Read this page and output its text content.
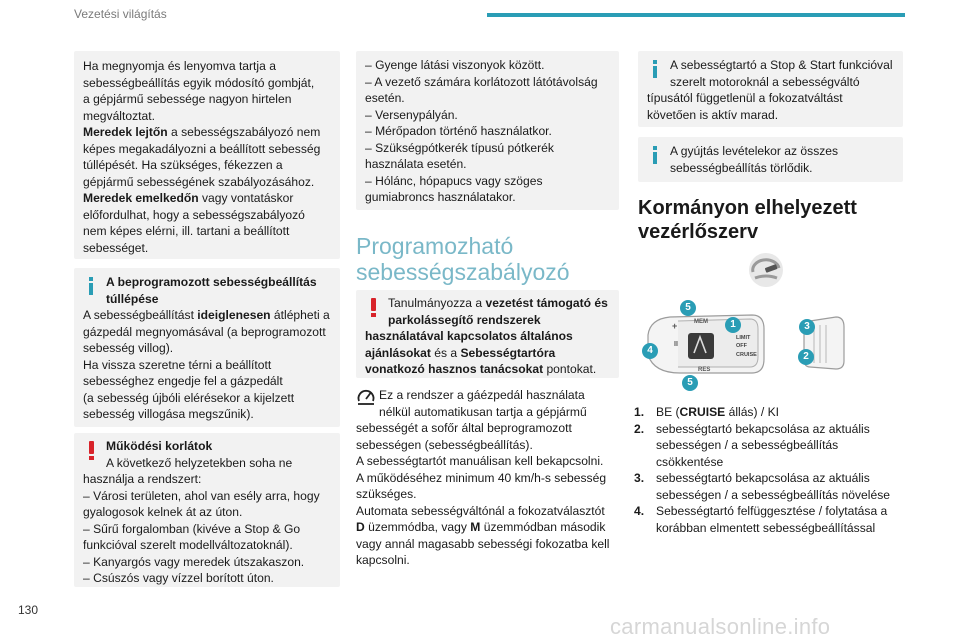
Vezetési világítás

Ha megnyomja és lenyomva tartja a

sebességbeállítás egyik módosító gombját,

a gépjármű sebessége nagyon hirtelen

megváltoztat.

Meredek lejtőn a sebességszabályozó nem

képes megakadályozni a beállított sebesség

túllépését. Ha szükséges, fékezzen a

gépjármű sebességének szabályozásához.

Meredek emelkedőn vagy vontatáskor

előfordulhat, hogy a sebességszabályozó

nem képes elérni, ill. tartani a beállított

sebességet.

A beprogramozott sebességbeállítás

túllépése

A sebességbeállítást ideiglenesen átlépheti a

gázpedál megnyomásával (a beprogramozott

sebesség villog).

Ha vissza szeretne térni a beállított

sebességhez engedje fel a gázpedált

(a sebesség újbóli elérésekor a kijelzett

sebesség villogása megszűnik).

Működési korlátok

A következő helyzetekben soha ne

használja a rendszert:

– Városi területen, ahol van esély arra, hogy

gyalogosok kelnek át az úton.

– Sűrű forgalomban (kivéve a Stop & Go

funkcióval szerelt modellváltozatoknál).

– Kanyargós vagy meredek útszakaszon.

– Csúszós vagy vízzel borított úton.

– Gyenge látási viszonyok között.

– A vezető számára korlátozott látótávolság

esetén.

– Versenypályán.

– Mérőpadon történő használatkor.

– Szükségpótkerék típusú pótkerék

használata esetén.

– Hólánc, hópapucs vagy szöges

gumiabroncs használatakor.

Programozható
sebességszabályozó

Tanulmányozza a vezetést támogató és

parkolássegítő rendszerek

használatával kapcsolatos általános

ajánlásokat és a Sebességtartóra

vonatkozó hasznos tanácsokat pontokat.

Ez a rendszer a gáézpedál használata

nélkül automatikusan tartja a gépjármű

sebességét a sofőr által beprogramozott

sebességen (sebességbeállítás).

A sebességtartót manuálisan kell bekapcsolni.

A működéséhez minimum 40 km/h-s sebesség

szükséges.

Automata sebességváltónál a fokozatválasztót

D üzemmódba, vagy M üzemmódban második

vagy annál magasabb sebességi fokozatba kell

kapcsolni.

A sebességtartó a Stop & Start funkcióval

szerelt motoroknál a sebességváltó

típusától függetlenül a fokozatváltást

követően is aktív marad.

A gyújtás levételekor az összes

sebességbeállítás törlődik.

Kormányon elhelyezett
vezérlőszerv
MEM
+
II
LIMIT
OFF
CRUISE
RES
5
1
4
5
3
2
1. BE (CRUISE állás) / KI
2. sebességtartó bekapcsolása az aktuális
sebességen / a sebességbeállítás
csökkentése
3. sebességtartó bekapcsolása az aktuális
sebességen / a sebességbeállítás növelése
4. Sebességtartó felfüggesztése / folytatása a
korábban elmentett sebességbeállítással
130
carmanualsonline.info
